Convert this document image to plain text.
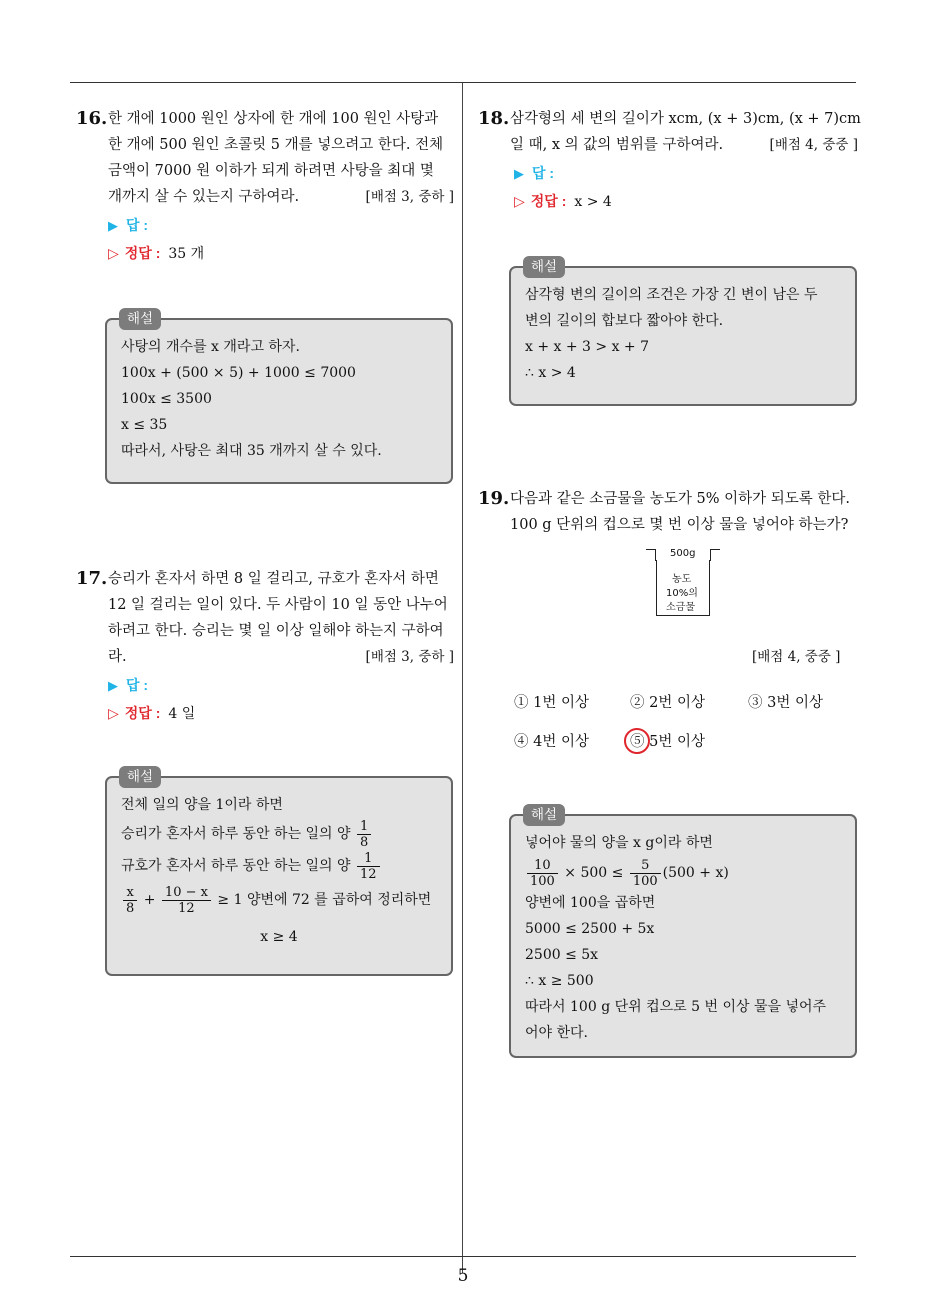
5
16. 한 개에 1000 원인 상자에 한 개에 100 원인 사탕과
한 개에 500 원인 초콜릿 5 개를 넣으려고 한다. 전체
금액이 7000 원 이하가 되게 하려면 사탕을 최대 몇
개까지 살 수 있는지 구하여라.	[배점 3, 중하 ]
▶ 답 :
▷ 정답 : 35 개
해설
사탕의 개수를 x 개라고 하자.
100x + (500 × 5) + 1000 ≤ 7000
100x ≤ 3500
x ≤ 35
따라서, 사탕은 최대 35 개까지 살 수 있다.
17. 승리가 혼자서 하면 8 일 걸리고, 규호가 혼자서 하면
12 일 걸리는 일이 있다. 두 사람이 10 일 동안 나누어
하려고 한다. 승리는 몇 일 이상 일해야 하는지 구하여
라.	[배점 3, 중하 ]
▶ 답 :
▷ 정답 : 4 일
해설
전체 일의 양을 1이라 하면
승리가 혼자서 하루 동안 하는 일의 양 $\frac{1}{8}$
규호가 혼자서 하루 동안 하는 일의 양 $\frac{1}{12}$
$\frac{x}{8} + \frac{10 - x}{12} \ge 1$ 양변에 72 를 곱하여 정리하면
x ≥ 4
18. 삼각형의 세 변의 길이가 xcm, (x + 3)cm, (x + 7)cm
일 때, x 의 값의 범위를 구하여라.	[배점 4, 중중 ]
▶ 답 :
▷ 정답 : x > 4
해설
삼각형 변의 길이의 조건은 가장 긴 변이 남은 두
변의 길이의 합보다 짧아야 한다.
x + x + 3 > x + 7
∴ x > 4
19. 다음과 같은 소금물을 농도가 5% 이하가 되도록 한다.
100 g 단위의 컵으로 몇 번 이상 물을 넣어야 하는가?
500g
농도
10%의
소금물
[배점 4, 중중 ]
① 1번 이상	② 2번 이상	③ 3번 이상
④ 4번 이상	⑤ 5번 이상
해설
넣어야 물의 양을 x g이라 하면
$\frac{10}{100} \times 500 \le \frac{5}{100} (500 + x)$
양변에 100을 곱하면
5000 ≤ 2500 + 5x
2500 ≤ 5x
∴ x ≥ 500
따라서 100 g 단위 컵으로 5 번 이상 물을 넣어주
어야 한다.
